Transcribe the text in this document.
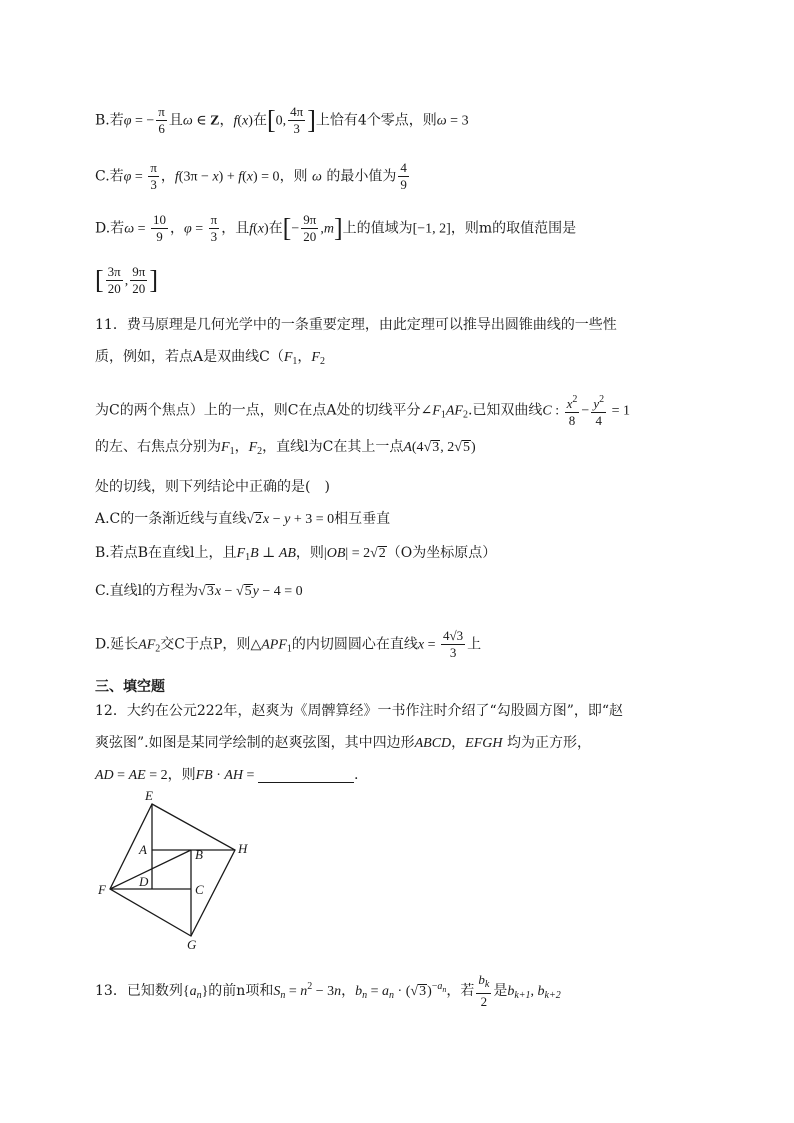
B.若φ = − $\frac{\pi}{6}$ 且ω ∈ Z，f(x)在[0, $\frac{4\pi}{3}$ ]上恰有4个零点，则ω = 3
C.若$\varphi = \frac{\pi}{3}$ ，f(3π − x) + f(x) = 0，则 ω 的最小值为 $\frac{4}{9}$
D.若$\omega = \frac{10}{9}$ ，$\varphi = \frac{\pi}{3}$ ，且f(x)在[− $\frac{9\pi}{20} ,m$]上的值域为[−1, 2]，则m的取值范围是
[ $\frac{3\pi}{20}$ , $\frac{9\pi}{20}$ ]
11．费马原理是几何光学中的一条重要定理，由此定理可以推导出圆锥曲线的一些性
质，例如，若点A是双曲线$C(F_1$，$F_2$
为C的两个焦点）上的一点，则C在点A处的切线平分$\angle F_1AF_2$.已知双曲线C : $\frac{x^2}{8} - \frac{y^2}{4} = 1$
的左、右焦点分别为$F_1$，$F_2$，直线l为C在其上一点A(4√3, 2√5)
处的切线，则下列结论中正确的是(　)
A.C的一条渐近线与直线√2x − y + 3 = 0相互垂直
B.若点B在直线l上，且$F_1B$ ⊥ AB，则|OB| = 2√2（O为坐标原点）
C.直线l的方程为√3x − √5y − 4 = 0
D.延长$AF_2$交C于点P，则$\triangle APF_1$的内切圆圆心在直线$x = \frac{4√3}{3}$ 上
三、填空题
12．大约在公元222年，赵爽为《周髀算经》一书作注时介绍了“勾股圆方图”，即“赵
爽弦图”.如图是某同学绘制的赵爽弦图，其中四边形ABCD，EFGH 均为正方形，
AD = AE = 2，则FB · AH =	.
E
A	B	H
F
D
C
G
13．已知数列$\{a_n\}$的前n项和$S_n = n^2 - 3n$，$b_n = a_n \cdot (√3)^{-a_n}$，若 $\frac{b_k}{2}$ 是$b_{k+1}$, $b_{k+2}$
